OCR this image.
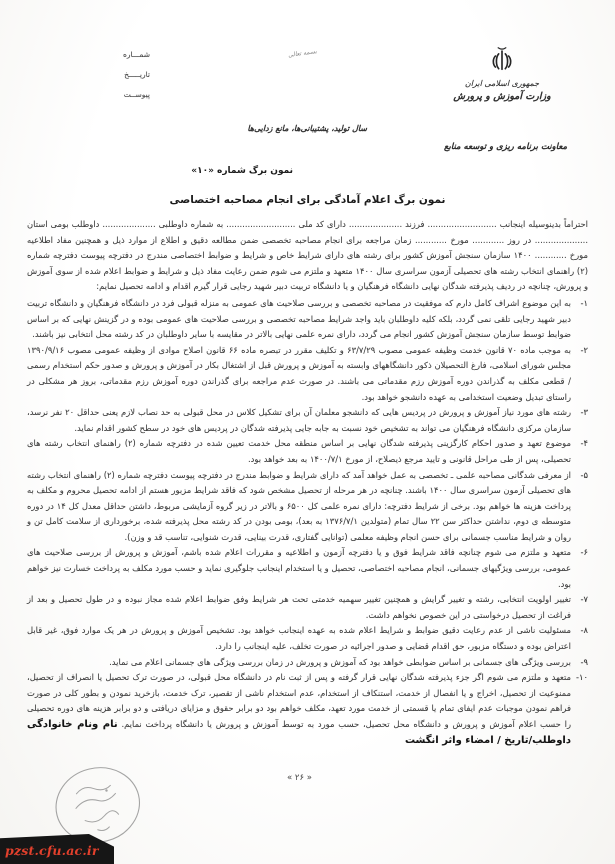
شمـــاره
تاریـــــخ
پیوســت
بسمه تعالی
جمهوری اسلامی ایران
وزارت آموزش و پرورش
معاونت برنامه ریزی و توسعه منابع
سال تولید، پشتیبانی‌ها، مانع زدایی‌ها
نمون برگ شماره «۱۰»
نمون برگ اعلام آمادگی برای انجام مصاحبه اختصاصی

احتراماً بدینوسیله اینجانب .......................... فرزند .................... دارای کد ملی .......................... به شماره داوطلبی .................... داوطلب بومی استان .................... در روز ............ مورخ ............ زمان مراجعه برای انجام مصاحبه تخصصی ضمن مطالعه دقیق و اطلاع از موارد ذیل و همچنین مفاد اطلاعیه مورخ ............ ۱۴۰۰ سازمان سنجش آموزش کشور برای رشته های دارای شرایط خاص و شرایط و ضوابط اختصاصی مندرج در دفترچه پیوست دفترچه شماره (۲) راهنمای انتخاب رشته های تحصیلی آزمون سراسری سال ۱۴۰۰ متعهد و ملتزم می شوم ضمن رعایت مفاد ذیل و شرایط و ضوابط اعلام شده از سوی آموزش و پرورش، چنانچه در ردیف پذیرفته شدگان نهایی دانشگاه فرهنگیان و یا دانشگاه تربیت دبیر شهید رجایی قرار گیرم اقدام و ادامه تحصیل نمایم:

۱-
به این موضوع اشراف کامل دارم که موفقیت در مصاحبه تخصصی و بررسی صلاحیت های عمومی به منزله قبولی فرد در دانشگاه فرهنگیان و دانشگاه تربیت دبیر شهید رجایی تلقی نمی گردد، بلکه کلیه داوطلبان باید واجد شرایط مصاحبه تخصصی و بررسی صلاحیت های عمومی بوده و در گزینش نهایی که بر اساس ضوابط توسط سازمان سنجش آموزش کشور انجام می گردد، دارای نمره علمی نهایی بالاتر در مقایسه با سایر داوطلبان در کد رشته محل انتخابی نیز باشند.
۲-
به موجب ماده ۷۰ قانون خدمت وظیفه عمومی مصوب ۶۳/۷/۲۹ و تکلیف مقرر در تبصره ماده ۶۶ قانون اصلاح موادی از وظیفه عمومی مصوب ۱۳۹۰/۹/۱۶ مجلس شورای اسلامی، فارغ التحصیلان ذکور دانشگاههای وابسته به آموزش و پرورش قبل از اشتغال بکار در آموزش و پرورش و صدور حکم استخدام رسمی / قطعی مکلف به گذراندن دوره آموزش رزم مقدماتی می باشند. در صورت عدم مراجعه برای گذراندن دوره آموزش رزم مقدماتی، بروز هر مشکلی در راستای تبدیل وضعیت استخدامی به عهده دانشجو خواهد بود.
۳-
رشته های مورد نیاز آموزش و پرورش در پردیس هایی که دانشجو معلمان آن برای تشکیل کلاس در محل قبولی به حد نصاب لازم یعنی حداقل ۲۰ نفر نرسد، سازمان مرکزی دانشگاه فرهنگیان می تواند به تشخیص خود نسبت به جابه جایی پذیرفته شدگان در پردیس های خود در سطح کشور اقدام نماید.
۴-
موضوع تعهد و صدور احکام کارگزینی پذیرفته شدگان نهایی بر اساس منطقه محل خدمت تعیین شده در دفترچه شماره (۲) راهنمای انتخاب رشته های تحصیلی، پس از طی مراحل قانونی و تایید مرجع ذیصلاح، از مورخ ۱۴۰۰/۷/۱ به بعد خواهد بود.
۵-
از معرفی شدگانی مصاحبه علمی ـ تخصصی به عمل خواهد آمد که دارای شرایط و ضوابط مندرج در دفترچه پیوست دفترچه شماره (۲) راهنمای انتخاب رشته های تحصیلی آزمون سراسری سال ۱۴۰۰ باشند. چنانچه در هر مرحله از تحصیل مشخص شود که فاقد شرایط مزبور هستم از ادامه تحصیل محروم و مکلف به پرداخت هزینه ها خواهم بود. برخی از شرایط دفترچه: دارای نمره علمی کل ۶۵۰۰ و بالاتر در زیر گروه آزمایشی مربوط، داشتن حداقل معدل کل ۱۴ در دوره متوسطه ی دوم، نداشتن حداکثر سن ۲۲ سال تمام (متولدین ۱۳۷۶/۷/۱ به بعد)، بومی بودن در کد رشته محل پذیرفته شده، برخورداری از سلامت کامل تن و روان و شرایط مناسب جسمانی برای حسن انجام وظیفه معلمی (توانایی گفتاری، قدرت بینایی، قدرت شنوایی، تناسب قد و وزن).
۶-
متعهد و ملتزم می شوم چنانچه فاقد شرایط فوق و یا دفترچه آزمون و اطلاعیه و مقررات اعلام شده باشم، آموزش و پرورش از بررسی صلاحیت های عمومی، بررسی ویژگیهای جسمانی، انجام مصاحبه اختصاصی، تحصیل و یا استخدام اینجانب جلوگیری نماید و حسب مورد مکلف به پرداخت خسارت نیز خواهم بود.
۷-
تغییر اولویت انتخابی، رشته و تغییر گرایش و همچنین تغییر سهمیه خدمتی تحت هر شرایط وفق ضوابط اعلام شده مجاز نبوده و در طول تحصیل و بعد از فراغت از تحصیل درخواستی در این خصوص نخواهم داشت.
۸-
مسئولیت ناشی از عدم رعایت دقیق ضوابط و شرایط اعلام شده به عهده اینجانب خواهد بود. تشخیص آموزش و پرورش در هر یک موارد فوق، غیر قابل اعتراض بوده و دستگاه مزبور، حق اقدام قضایی و صدور اجرائیه در صورت تخلف، علیه اینجانب را دارد.
۹-
بررسی ویژگی های جسمانی بر اساس ضوابطی خواهد بود که آموزش و پرورش در زمان بررسی ویژگی های جسمانی اعلام می نماید.
۱۰-
متعهد و ملتزم می شوم اگر جزء پذیرفته شدگان نهایی قرار گرفته و پس از ثبت نام در دانشگاه محل قبولی، در صورت ترک تحصیل یا انصراف از تحصیل، ممنوعیت از تحصیل، اخراج و یا انفصال از خدمت، استنکاف از استخدام، عدم استخدام ناشی از تقصیر، ترک خدمت، بازخرید نمودن و بطور کلی در صورت فراهم نمودن موجبات عدم ایفای تمام یا قسمتی از خدمت مورد تعهد، مکلف خواهم بود دو برابر حقوق و مزایای دریافتی و دو برابر هزینه های دوره تحصیلی را حسب اعلام آموزش و پرورش و دانشگاه محل تحصیل، حسب مورد به توسط آموزش و پرورش یا دانشگاه پرداخت نمایم. نام ونام خانوادگی داوطلب/تاریخ / امضاء واثر انگشت
« ۲۶ »
pzst.cfu.ac.ir
